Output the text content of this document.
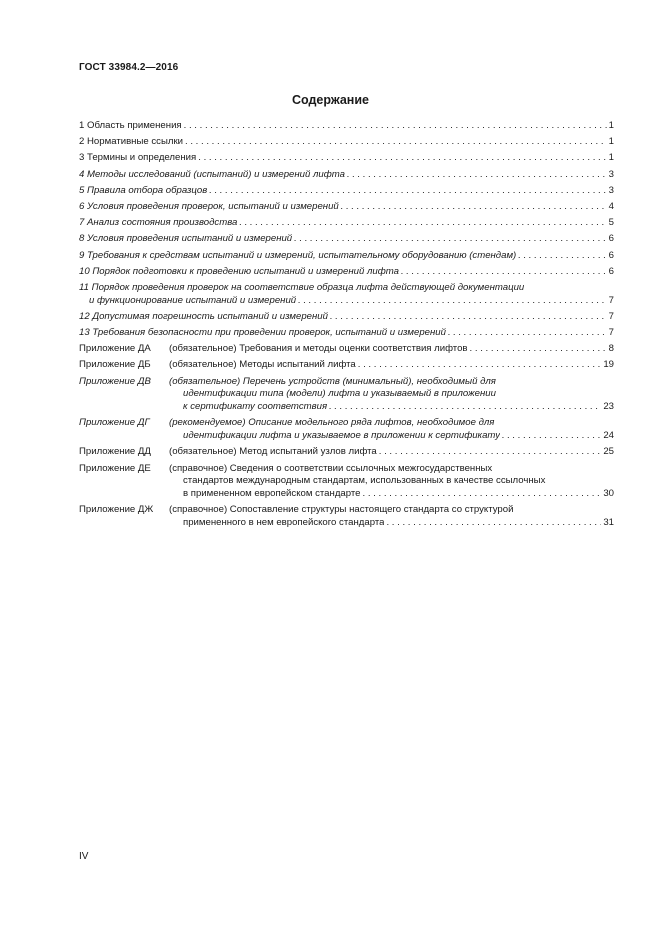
ГОСТ 33984.2—2016
Содержание
1 Область применения . . .	1
2 Нормативные ссылки . . .	1
3 Термины и определения . . .	1
4 Методы исследований (испытаний) и измерений лифта . . .	3
5 Правила отбора образцов . . .	3
6 Условия проведения проверок, испытаний и измерений . . .	4
7 Анализ состояния производства . . .	5
8 Условия проведения испытаний и измерений . . .	6
9 Требования к средствам испытаний и измерений, испытательному оборудованию (стендам) . . .	6
10 Порядок подготовки к проведению испытаний и измерений лифта . . .	6
11 Порядок проведения проверок на соответствие образца лифта действующей документации
и функционирование испытаний и измерений . . .	7
12 Допустимая погрешность испытаний и измерений . . .	7
13 Требования безопасности при проведении проверок, испытаний и измерений . . .	7
Приложение ДА	(обязательное) Требования и методы оценки соответствия лифтов . . .	8
Приложение ДБ	(обязательное) Методы испытаний лифта . . .	19
Приложение ДВ	(обязательное) Перечень устройств (минимальный), необходимый для
идентификации типа (модели) лифта и указываемый в приложении
к сертификату соответствия . . .	23
Приложение ДГ	(рекомендуемое) Описание модельного ряда лифтов, необходимое для
идентификации лифта и указываемое в приложении к сертификату . . .	24
Приложение ДД	(обязательное) Метод испытаний узлов лифта . . .	25
Приложение ДЕ	(справочное) Сведения о соответствии ссылочных межгосударственных
стандартов международным стандартам, использованных в качестве ссылочных
в примененном европейском стандарте . . .	30
Приложение ДЖ	(справочное) Сопоставление структуры настоящего стандарта со структурой
примененного в нем европейского стандарта . . .	31
IV
